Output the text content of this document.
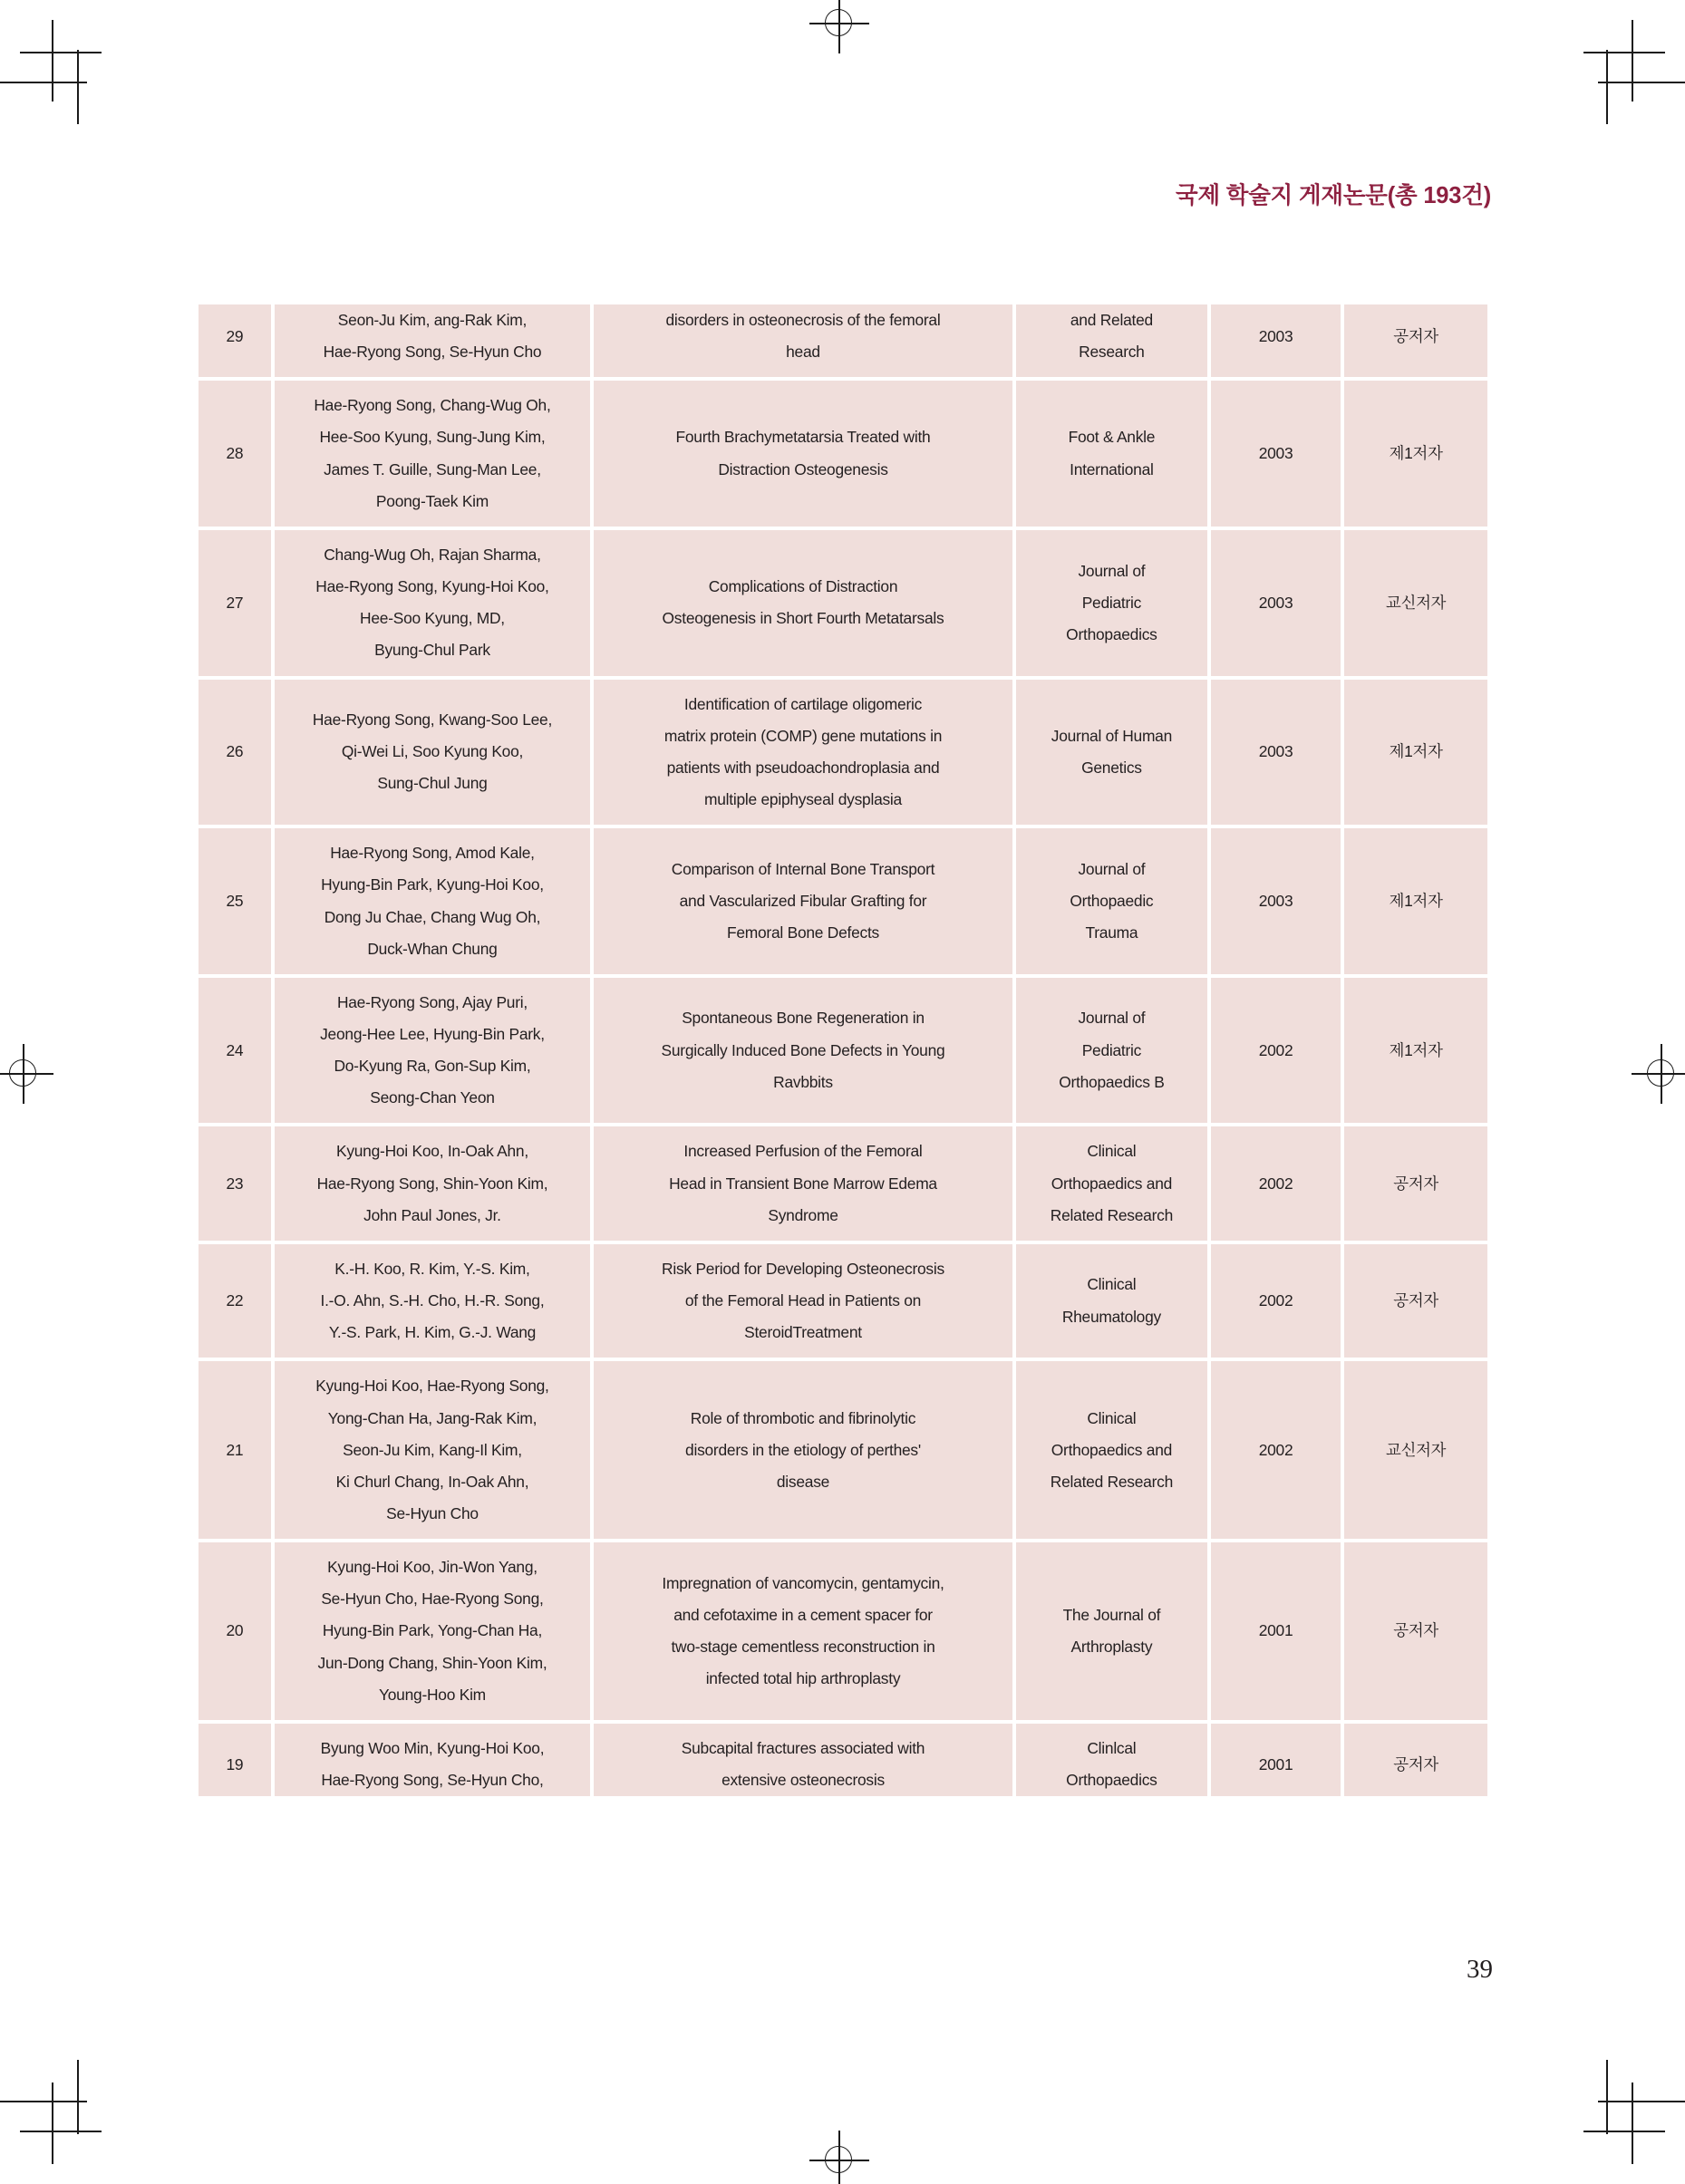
국제 학술지 게재논문(총 193건)
29	Seon-Ju Kim, ang-Rak Kim,
Hae-Ryong Song, Se-Hyun Cho	disorders in osteonecrosis of the femoral
head	and Related
Research	2003	공저자
28	Hae-Ryong Song, Chang-Wug Oh,
Hee-Soo Kyung, Sung-Jung Kim,
James T. Guille, Sung-Man Lee,
Poong-Taek Kim	Fourth Brachymetatarsia Treated with
Distraction Osteogenesis	Foot & Ankle
International	2003	제1저자
27	Chang-Wug Oh, Rajan Sharma,
Hae-Ryong Song, Kyung-Hoi Koo,
Hee-Soo Kyung, MD,
Byung-Chul Park	Complications of Distraction
Osteogenesis in Short Fourth Metatarsals	Journal of
Pediatric
Orthopaedics	2003	교신저자
26	Hae-Ryong Song, Kwang-Soo Lee,
Qi-Wei Li, Soo Kyung Koo,
Sung-Chul Jung	Identification of cartilage oligomeric
matrix protein (COMP) gene mutations in
patients with pseudoachondroplasia and
multiple epiphyseal dysplasia	Journal of Human
Genetics	2003	제1저자
25	Hae-Ryong Song, Amod Kale,
Hyung-Bin Park, Kyung-Hoi Koo,
Dong Ju Chae, Chang Wug Oh,
Duck-Whan Chung	Comparison of Internal Bone Transport
and Vascularized Fibular Grafting for
Femoral Bone Defects	Journal of
Orthopaedic
Trauma	2003	제1저자
24	Hae-Ryong Song, Ajay Puri,
Jeong-Hee Lee, Hyung-Bin Park,
Do-Kyung Ra, Gon-Sup Kim,
Seong-Chan Yeon	Spontaneous Bone Regeneration in
Surgically Induced Bone Defects in Young
Ravbbits	Journal of
Pediatric
Orthopaedics B	2002	제1저자
23	Kyung-Hoi Koo, In-Oak Ahn,
Hae-Ryong Song, Shin-Yoon Kim,
John Paul Jones, Jr.	Increased Perfusion of the Femoral
Head in Transient Bone Marrow Edema
Syndrome	Clinical
Orthopaedics and
Related Research	2002	공저자
22	K.-H. Koo, R. Kim, Y.-S. Kim,
I.-O. Ahn, S.-H. Cho, H.-R. Song,
Y.-S. Park, H. Kim, G.-J. Wang	Risk Period for Developing Osteonecrosis
of the Femoral Head in Patients on
SteroidTreatment	Clinical
Rheumatology	2002	공저자
21	Kyung-Hoi Koo, Hae-Ryong Song,
Yong-Chan Ha, Jang-Rak Kim,
Seon-Ju Kim, Kang-Il Kim,
Ki Churl Chang, In-Oak Ahn,
Se-Hyun Cho	Role of thrombotic and fibrinolytic
disorders in the etiology of perthes'
disease	Clinical
Orthopaedics and
Related Research	2002	교신저자
20	Kyung-Hoi Koo, Jin-Won Yang,
Se-Hyun Cho, Hae-Ryong Song,
Hyung-Bin Park, Yong-Chan Ha,
Jun-Dong Chang, Shin-Yoon Kim,
Young-Hoo Kim	Impregnation of vancomycin, gentamycin,
and cefotaxime in a cement spacer for
two-stage cementless reconstruction in
infected total hip arthroplasty	The Journal of
Arthroplasty	2001	공저자
19	Byung Woo Min, Kyung-Hoi Koo,
Hae-Ryong Song, Se-Hyun Cho,	Subcapital fractures associated with
extensive osteonecrosis	Clinlcal
Orthopaedics	2001	공저자
39
